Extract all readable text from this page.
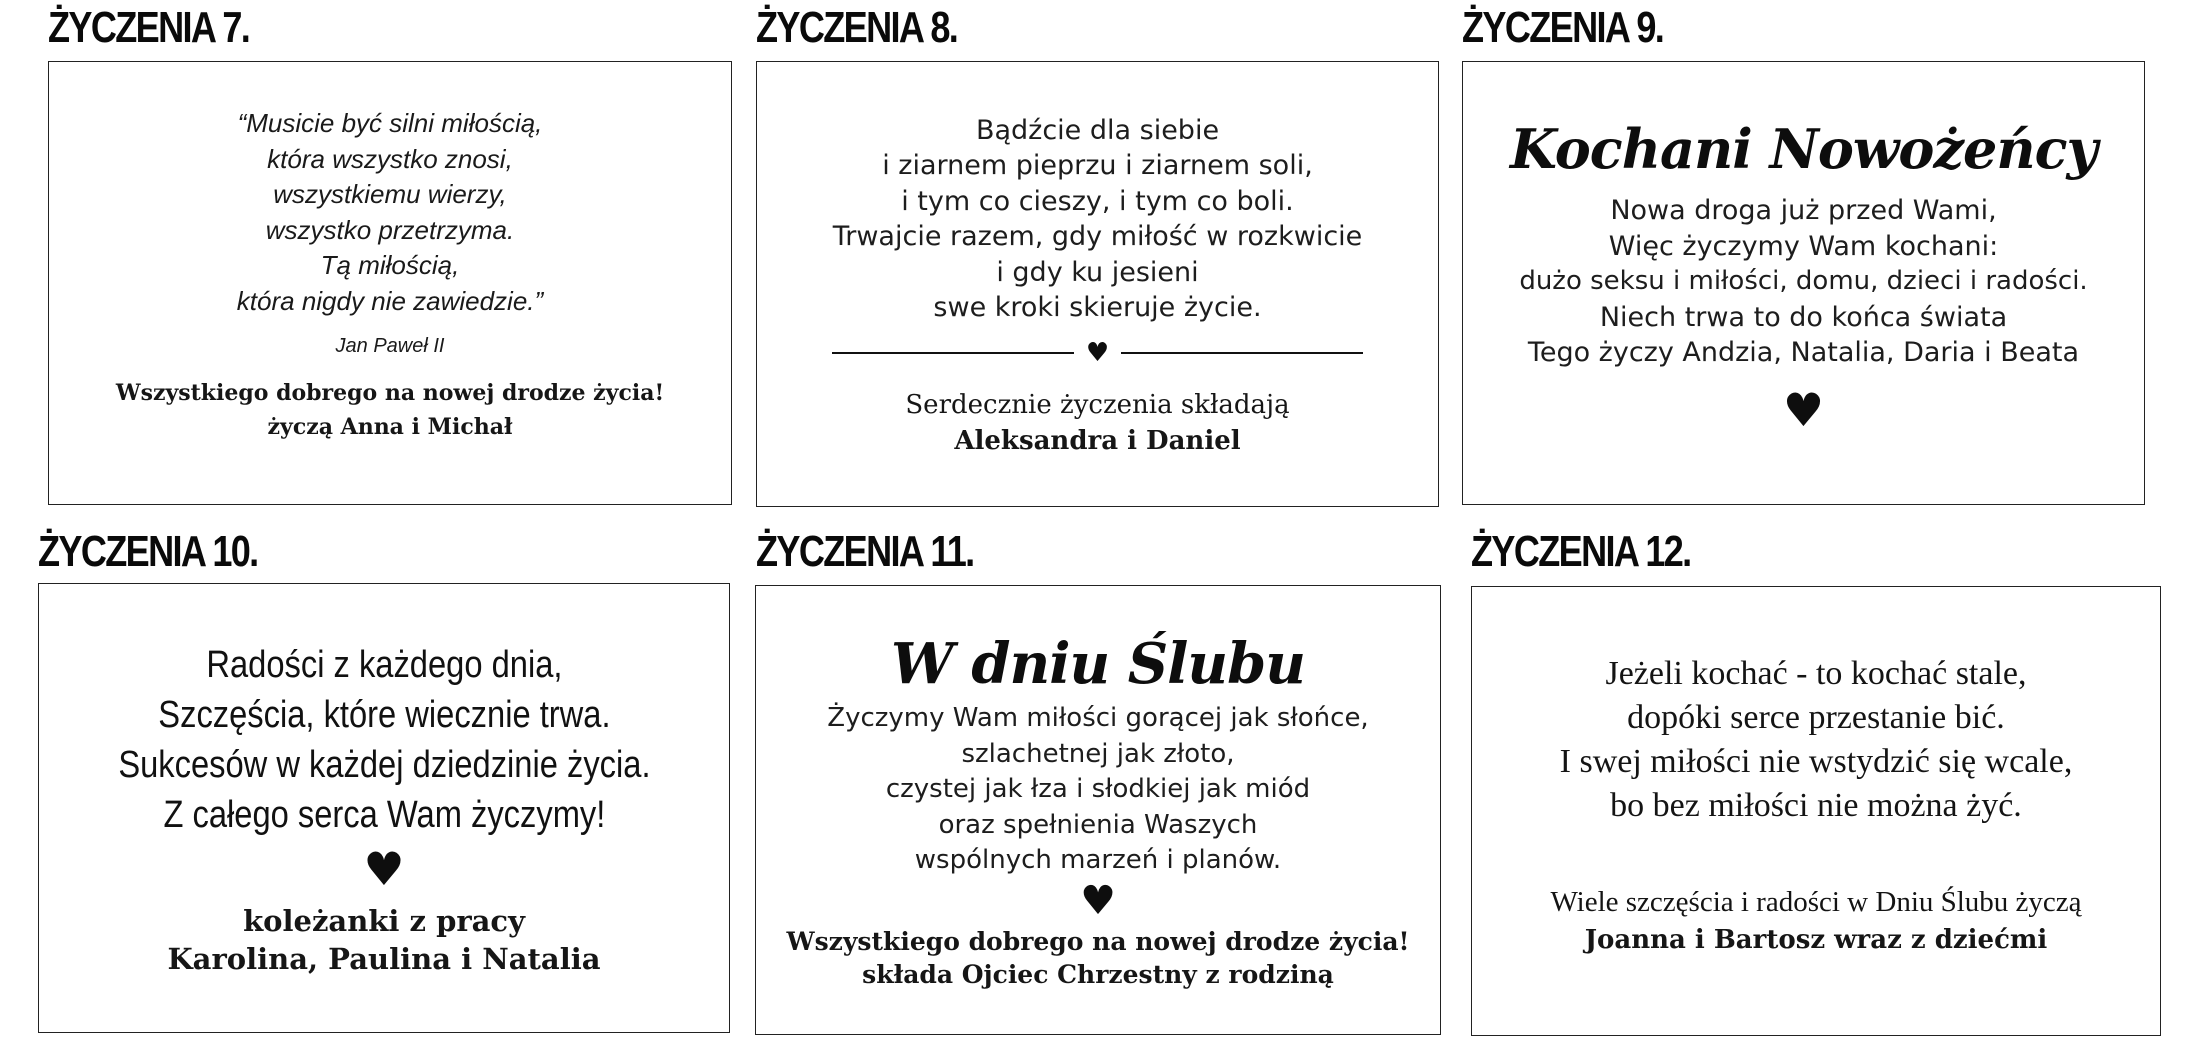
ŻYCZENIA 7.

“Musicie być silni miłością,

która wszystko znosi,

wszystkiemu wierzy,

wszystko przetrzyma.

Tą miłością,

która nigdy nie zawiedzie.”

Jan Paweł II

Wszystkiego dobrego na nowej drodze życia!

życzą Anna i Michał

ŻYCZENIA 8.

Bądźcie dla siebie

i ziarnem pieprzu i ziarnem soli,

i tym co cieszy, i tym co boli.

Trwajcie razem, gdy miłość w rozkwicie

i gdy ku jesieni

swe kroki skieruje życie.

♥

Serdecznie życzenia składają

Aleksandra i Daniel

ŻYCZENIA 9.

Kochani Nowożeńcy

Nowa droga już przed Wami,

Więc życzymy Wam kochani:

dużo seksu i miłości, domu, dzieci i radości.

Niech trwa to do końca świata

Tego życzy Andzia, Natalia, Daria i Beata

♥

ŻYCZENIA 10.

Radości z każdego dnia,

Szczęścia, które wiecznie trwa.

Sukcesów w każdej dziedzinie życia.

Z całego serca Wam życzymy!

♥

koleżanki z pracy

Karolina, Paulina i Natalia

ŻYCZENIA 11.

W dniu Ślubu

Życzymy Wam miłości gorącej jak słońce,

szlachetnej jak złoto,

czystej jak łza i słodkiej jak miód

oraz spełnienia Waszych

wspólnych marzeń i planów.

♥

Wszystkiego dobrego na nowej drodze życia!

składa Ojciec Chrzestny z rodziną

ŻYCZENIA 12.

Jeżeli kochać - to kochać stale,

dopóki serce przestanie bić.

I swej miłości nie wstydzić się wcale,

bo bez miłości nie można żyć.

Wiele szczęścia i radości w Dniu Ślubu życzą

Joanna i Bartosz wraz z dziećmi
